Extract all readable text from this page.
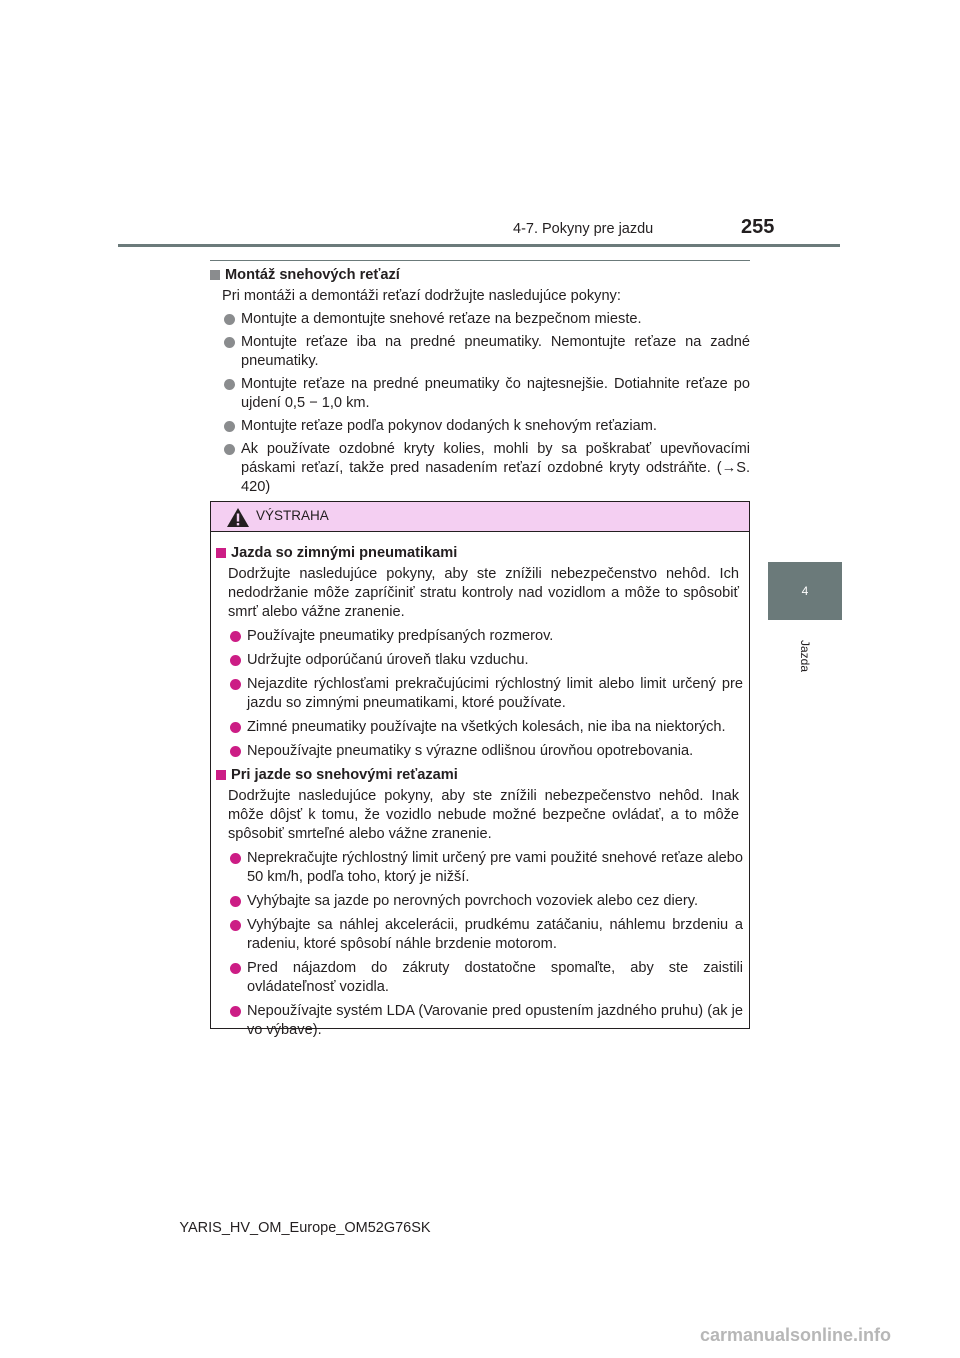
4-7. Pokyny pre jazdu	255
4
Jazda
Montáž snehových reťazí
Pri montáži a demontáži reťazí dodržujte nasledujúce pokyny:
Montujte a demontujte snehové reťaze na bezpečnom mieste.
Montujte reťaze iba na predné pneumatiky. Nemontujte reťaze na zadné pneumatiky.
Montujte reťaze na predné pneumatiky čo najtesnejšie. Dotiahnite reťaze po ujdení 0,5 − 1,0 km.
Montujte reťaze podľa pokynov dodaných k snehovým reťaziam.
Ak používate ozdobné kryty kolies, mohli by sa poškrabať upevňovacími páskami reťazí, takže pred nasadením reťazí ozdobné kryty odstráňte. (→S. 420)
VÝSTRAHA
Jazda so zimnými pneumatikami
Dodržujte nasledujúce pokyny, aby ste znížili nebezpečenstvo nehôd. Ich nedodržanie môže zapríčiniť stratu kontroly nad vozidlom a môže to spôsobiť smrť alebo vážne zranenie.
Používajte pneumatiky predpísaných rozmerov.
Udržujte odporúčanú úroveň tlaku vzduchu.
Nejazdite rýchlosťami prekračujúcimi rýchlostný limit alebo limit určený pre jazdu so zimnými pneumatikami, ktoré používate.
Zimné pneumatiky používajte na všetkých kolesách, nie iba na niektorých.
Nepoužívajte pneumatiky s výrazne odlišnou úrovňou opotrebovania.
Pri jazde so snehovými reťazami
Dodržujte nasledujúce pokyny, aby ste znížili nebezpečenstvo nehôd. Inak môže dôjsť k tomu, že vozidlo nebude možné bezpečne ovládať, a to môže spôsobiť smrteľné alebo vážne zranenie.
Neprekračujte rýchlostný limit určený pre vami použité snehové reťaze alebo 50 km/h, podľa toho, ktorý je nižší.
Vyhýbajte sa jazde po nerovných povrchoch vozoviek alebo cez diery.
Vyhýbajte sa náhlej akcelerácii, prudkému zatáčaniu, náhlemu brzdeniu a radeniu, ktoré spôsobí náhle brzdenie motorom.
Pred nájazdom do zákruty dostatočne spomaľte, aby ste zaistili ovládateľnosť vozidla.
Nepoužívajte systém LDA (Varovanie pred opustením jazdného pruhu) (ak je vo výbave).
YARIS_HV_OM_Europe_OM52G76SK
carmanualsonline.info
